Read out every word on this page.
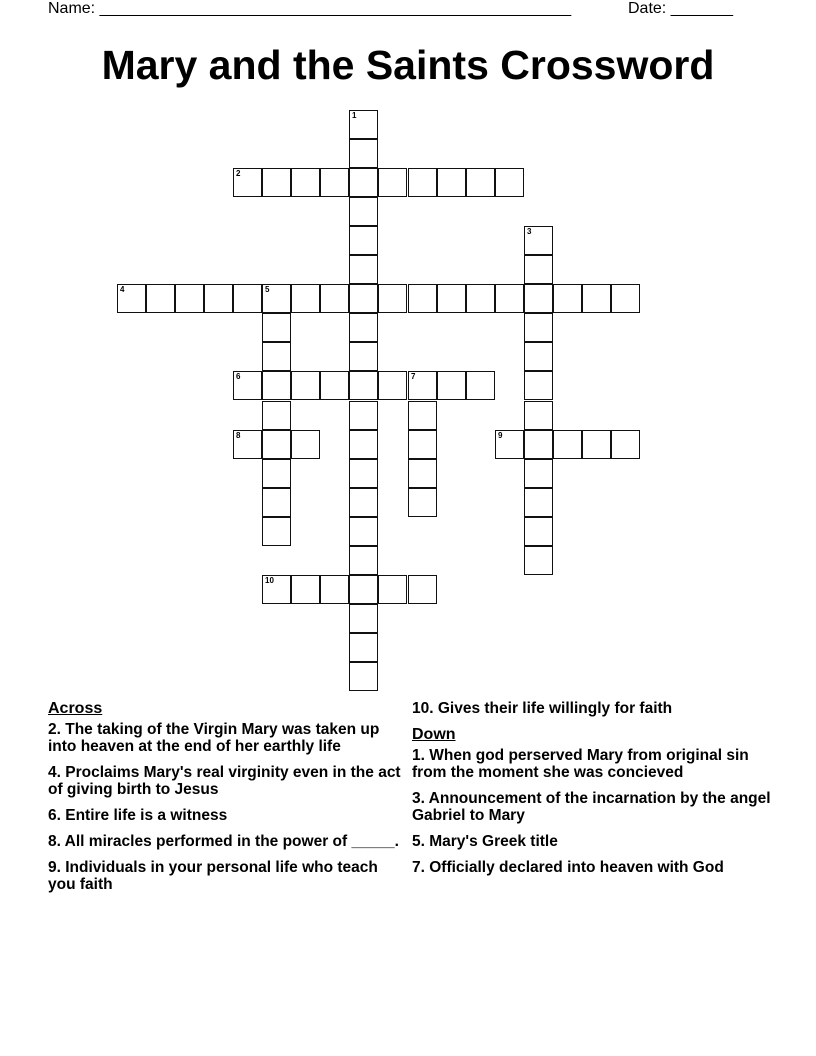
Name: _____________________________________________________	Date: _______
Mary and the Saints Crossword
1
2
3
4	5
6	7
8	9
10
Across
2. The taking of the Virgin Mary was taken up into heaven at the end of her earthly life
4. Proclaims Mary's real virginity even in the act of giving birth to Jesus
6. Entire life is a witness
8. All miracles performed in the power of _____.
9. Individuals in your personal life who teach you faith
10. Gives their life willingly for faith
Down
1. When god perserved Mary from original sin from the moment she was concieved
3. Announcement of the incarnation by the angel Gabriel to Mary
5. Mary's Greek title
7. Officially declared into heaven with God
